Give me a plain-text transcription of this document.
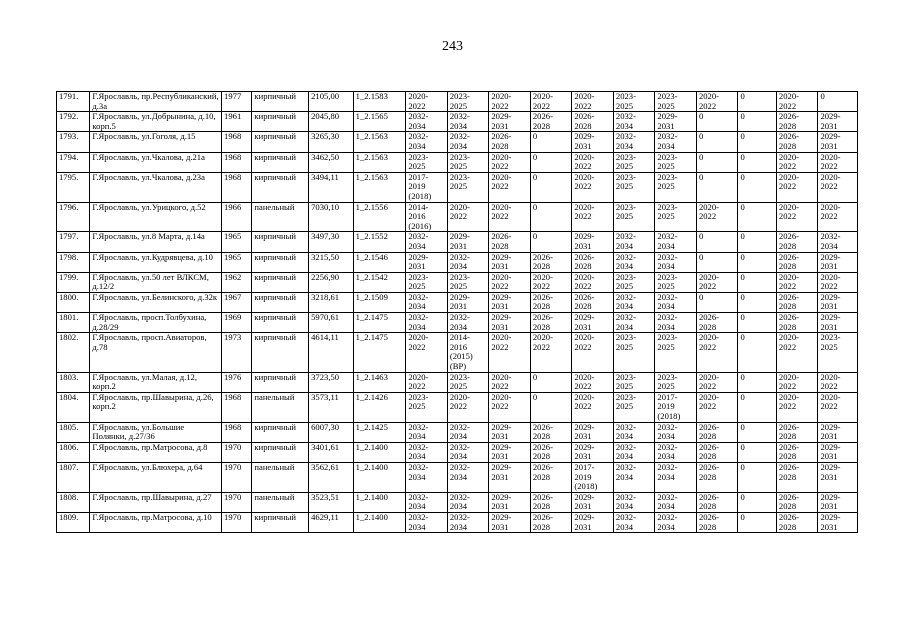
243
1791.	Г.Ярославль, пр.Республиканский, д.3а	1977	кирпичный	2105,00	1_2.1583	2020-2022	2023-2025	2020-2022	2020-2022	2020-2022	2023-2025	2023-2025	2020-2022	0	2020-2022	0
1792.	Г.Ярославль, ул.Добрынина, д.10, корп.5	1961	кирпичный	2045,80	1_2.1565	2032-2034	2032-2034	2029-2031	2026-2028	2026-2028	2032-2034	2029-2031	0	0	2026-2028	2029-2031
1793.	Г.Ярославль, ул.Гоголя, д.15	1968	кирпичный	3265,30	1_2.1563	2032-2034	2032-2034	2026-2028	0	2029-2031	2032-2034	2032-2034	0	0	2026-2028	2029-2031
1794.	Г.Ярославль, ул.Чкалова, д.21а	1968	кирпичный	3462,50	1_2.1563	2023-2025	2023-2025	2020-2022	0	2020-2022	2023-2025	2023-2025	0	0	2020-2022	2020-2022
1795.	Г.Ярославль, ул.Чкалова, д.23а	1968	кирпичный	3494,11	1_2.1563	2017-2019 (2018)	2023-2025	2020-2022	0	2020-2022	2023-2025	2023-2025	0	0	2020-2022	2020-2022
1796.	Г.Ярославль, ул.Урицкого, д.52	1966	панельный	7030,10	1_2.1556	2014-2016 (2016)	2020-2022	2020-2022	0	2020-2022	2023-2025	2023-2025	2020-2022	0	2020-2022	2020-2022
1797.	Г.Ярославль, ул.8 Марта, д.14а	1965	кирпичный	3497,30	1_2.1552	2032-2034	2029-2031	2026-2028	0	2029-2031	2032-2034	2032-2034	0	0	2026-2028	2032-2034
1798.	Г.Ярославль, ул.Кудрявцева, д.10	1965	кирпичный	3215,50	1_2.1546	2029-2031	2032-2034	2029-2031	2026-2028	2026-2028	2032-2034	2032-2034	0	0	2026-2028	2029-2031
1799.	Г.Ярославль, ул.50 лет ВЛКСМ, д.12/2	1962	кирпичный	2256,90	1_2.1542	2023-2025	2023-2025	2020-2022	2020-2022	2020-2022	2023-2025	2023-2025	2020-2022	0	2020-2022	2020-2022
1800.	Г.Ярославль, ул.Белинского, д.32к	1967	кирпичный	3218,61	1_2.1509	2032-2034	2029-2031	2029-2031	2026-2028	2026-2028	2032-2034	2032-2034	0	0	2026-2028	2029-2031
1801.	Г.Ярославль, просп.Толбухина, д.28/29	1969	кирпичный	5970,61	1_2.1475	2032-2034	2032-2034	2029-2031	2026-2028	2029-2031	2032-2034	2032-2034	2026-2028	0	2026-2028	2029-2031
1802.	Г.Ярославль, просп.Авиаторов, д.78	1973	кирпичный	4614,11	1_2.1475	2020-2022	2014-2016 (2015) (ВР)	2020-2022	2020-2022	2020-2022	2023-2025	2023-2025	2020-2022	0	2020-2022	2023-2025
1803.	Г.Ярославль, ул.Малая, д.12, корп.2	1976	кирпичный	3723,50	1_2.1463	2020-2022	2023-2025	2020-2022	0	2020-2022	2023-2025	2023-2025	2020-2022	0	2020-2022	2020-2022
1804.	Г.Ярославль, пр.Шавырина, д.26, корп.2	1968	панельный	3573,11	1_2.1426	2023-2025	2020-2022	2020-2022	0	2020-2022	2023-2025	2017-2019 (2018)	2020-2022	0	2020-2022	2020-2022
1805.	Г.Ярославль, ул.Большие Полянки, д.27/36	1968	кирпичный	6007,30	1_2.1425	2032-2034	2032-2034	2029-2031	2026-2028	2029-2031	2032-2034	2032-2034	2026-2028	0	2026-2028	2029-2031
1806.	Г.Ярославль, пр.Матросова, д.8	1970	кирпичный	3401,61	1_2.1400	2032-2034	2032-2034	2029-2031	2026-2028	2029-2031	2032-2034	2032-2034	2026-2028	0	2026-2028	2029-2031
1807.	Г.Ярославль, ул.Блюхера, д.64	1970	панельный	3562,61	1_2.1400	2032-2034	2032-2034	2029-2031	2026-2028	2017-2019 (2018)	2032-2034	2032-2034	2026-2028	0	2026-2028	2029-2031
1808.	Г.Ярославль, пр.Шавырина, д.27	1970	панельный	3523,51	1_2.1400	2032-2034	2032-2034	2029-2031	2026-2028	2029-2031	2032-2034	2032-2034	2026-2028	0	2026-2028	2029-2031
1809.	Г.Ярославль, пр.Матросова, д.10	1970	кирпичный	4629,11	1_2.1400	2032-2034	2032-2034	2029-2031	2026-2028	2029-2031	2032-2034	2032-2034	2026-2028	0	2026-2028	2029-2031
